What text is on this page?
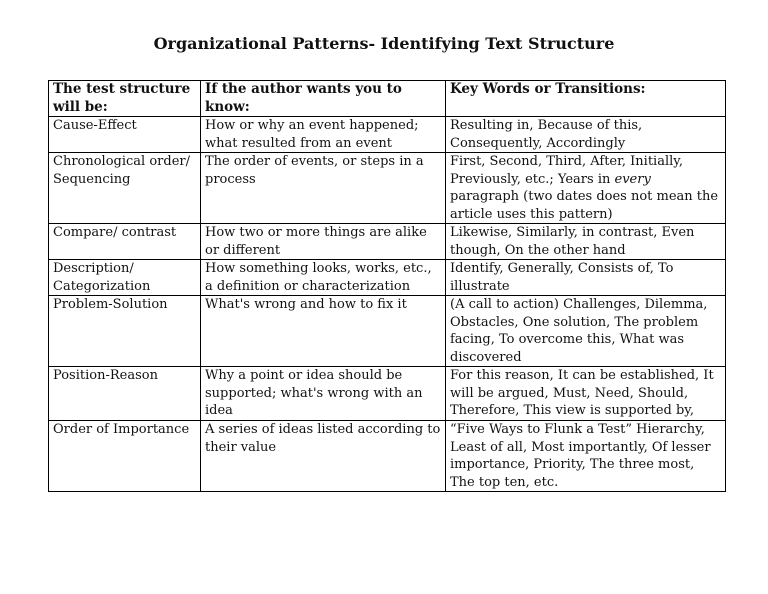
Organizational Patterns- Identifying Text Structure
The test structure will be:	If the author wants you to know:	Key Words or Transitions:
Cause-Effect	How or why an event happened; what resulted from an event	Resulting in, Because of this, Consequently, Accordingly
Chronological order/ Sequencing	The order of events, or steps in a process	First, Second, Third, After, Initially, Previously, etc.; Years in every paragraph (two dates does not mean the article uses this pattern)
Compare/ contrast	How two or more things are alike or different	Likewise, Similarly, in contrast, Even though, On the other hand
Description/ Categorization	How something looks, works, etc., a definition or characterization	Identify, Generally, Consists of, To illustrate
Problem-Solution	What's wrong and how to fix it	(A call to action) Challenges, Dilemma, Obstacles, One solution, The problem facing, To overcome this, What was discovered
Position-Reason	Why a point or idea should be supported; what's wrong with an idea	For this reason, It can be established, It will be argued, Must, Need, Should, Therefore, This view is supported by,
Order of Importance	A series of ideas listed according to their value	“Five Ways to Flunk a Test” Hierarchy, Least of all, Most importantly, Of lesser importance, Priority, The three most, The top ten, etc.
